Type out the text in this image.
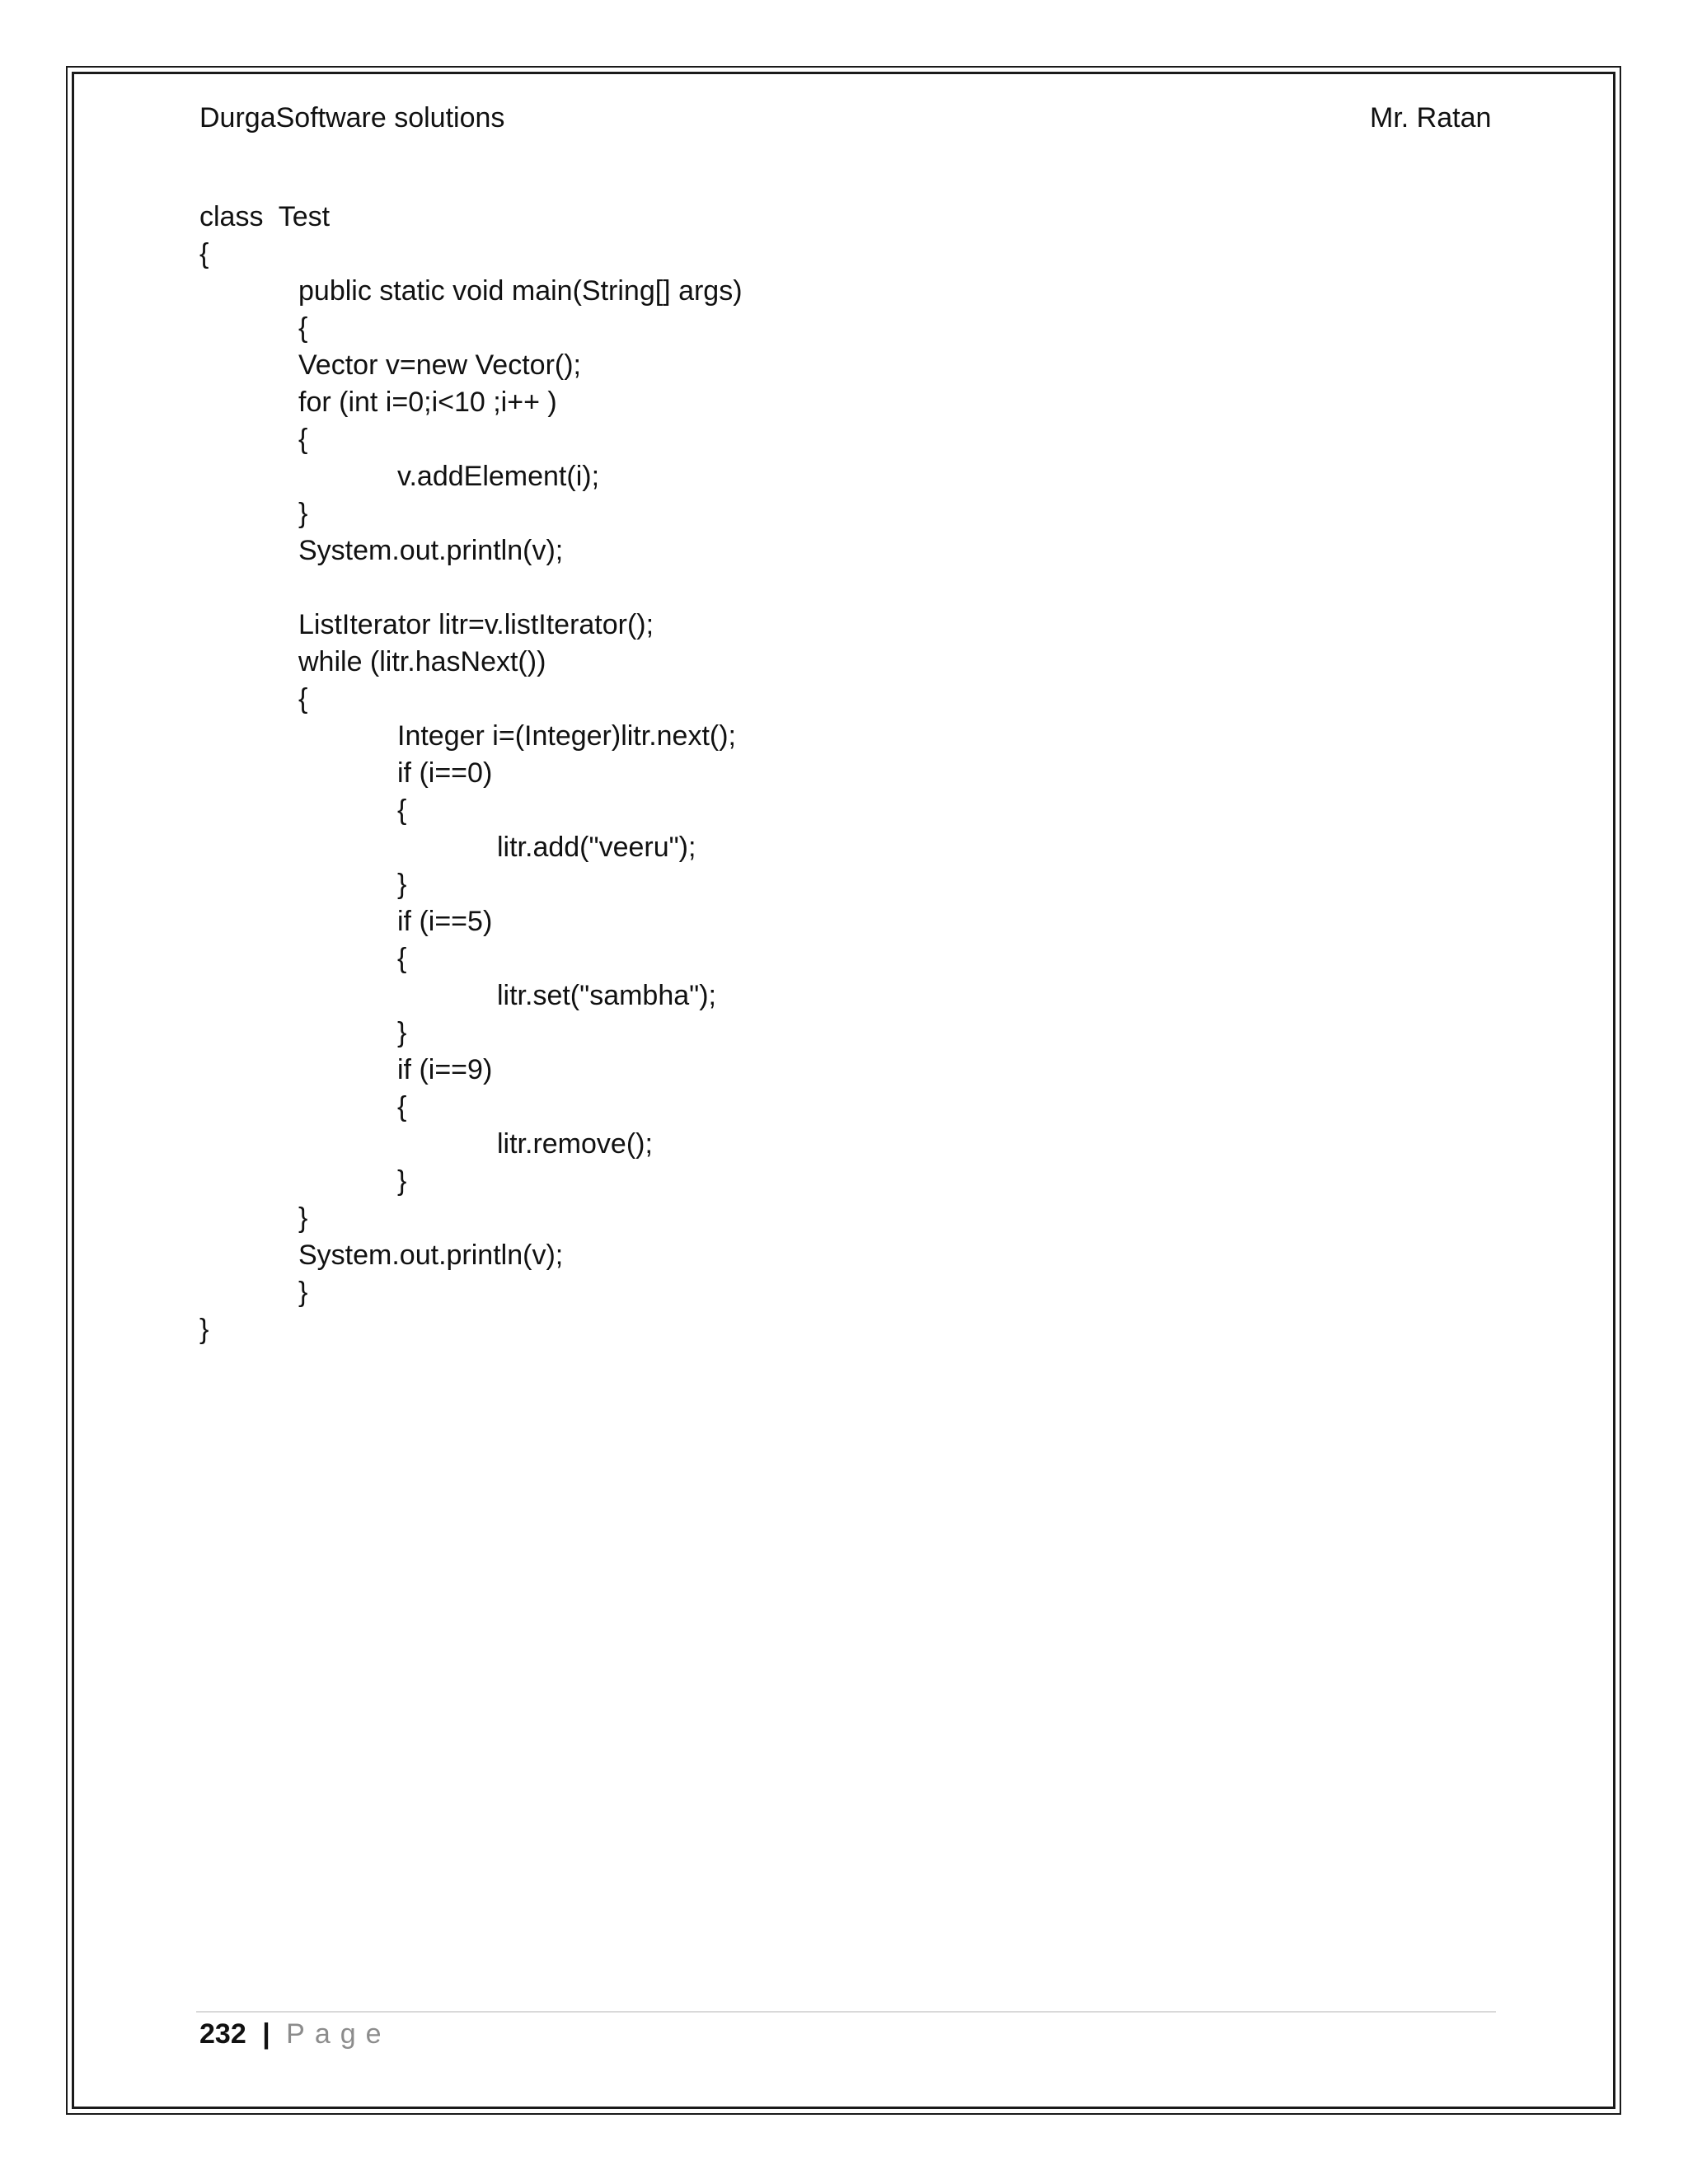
DurgaSoftware solutions	Mr. Ratan
class  Test
{
public static void main(String[] args)
{
Vector v=new Vector();
for (int i=0;i<10 ;i++ )
{
v.addElement(i);
}
System.out.println(v);
ListIterator litr=v.listIterator();
while (litr.hasNext())
{
Integer i=(Integer)litr.next();
if (i==0)
{
litr.add("veeru");
}
if (i==5)
{
litr.set("sambha");
}
if (i==9)
{
litr.remove();
}
}
System.out.println(v);
}
}
232 | Page
